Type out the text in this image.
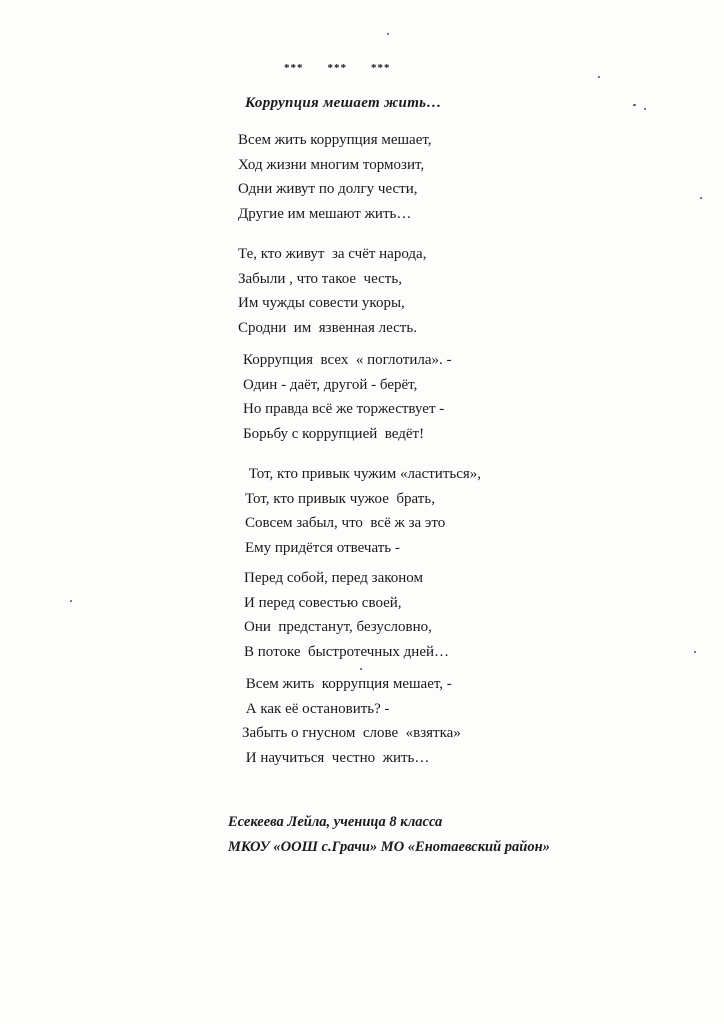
*** *** ***
Коррупция мешает жить…
Всем жить коррупция мешает,
Ход жизни многим тормозит,
Одни живут по долгу чести,
Другие им мешают жить…
Те, кто живут  за счёт народа,
Забыли , что такое  честь,
Им чужды совести укоры,
Сродни  им  язвенная лесть.
Коррупция  всех  « поглотила». -
Один - даёт, другой - берёт,
Но правда всё же торжествует -
Борьбу с коррупцией  ведёт!
Тот, кто привык чужим «ластиться»,
Тот, кто привык чужое  брать,
Совсем забыл, что  всё ж за это
Ему придётся отвечать -
Перед собой, перед законом
И перед совестью своей,
Они  предстанут, безусловно,
В потоке  быстротечных дней…
Всем жить  коррупция мешает, -
А как её остановить? -
Забыть о гнусном  слове  «взятка»
И научиться  честно  жить…
Есекеева Лейла, ученица 8 класса
МКОУ «ООШ с.Грачи» МО «Енотаевский район»
